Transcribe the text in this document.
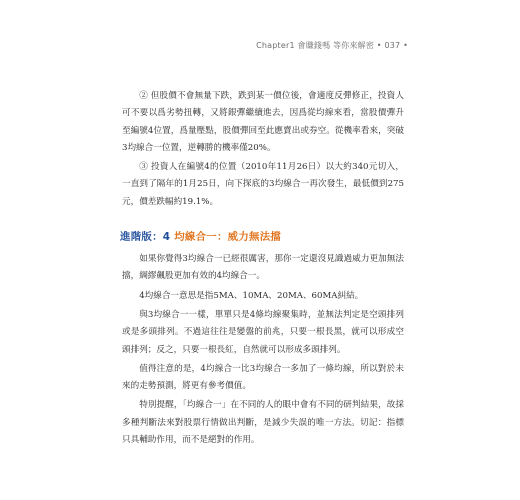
Chapter1 會賺錢嗎 等你來解密 • 037 •

② 但股價不會無量下跌，跌到某一價位後，會適度反彈修正，投資人可不要以爲劣勢扭轉，又將銀彈繼續進去，因爲從均線來看，當股價彈升至編號4位置，爲量壓點，股價彈回至此應賣出或券空。從機率看來，突破3均線合一位置，逆轉勝的機率僅20%。

③ 投資人在編號4的位置（2010年11月26日）以大約340元切入，一直到了隔年的1月25日，向下探底的3均線合一再次發生，最低價到275元，價差跌幅約19.1%。

進階版：4 均線合一：威力無法擋

如果你覺得3均線合一已經很厲害，那你一定還沒見識過威力更加無法擋，綢繆飆股更加有效的4均線合一。

4均線合一意思是指5MA、10MA、20MA、60MA糾結。

與3均線合一一樣，單單只是4條均線聚集時，並無法判定是空頭排列或是多頭排列。不過這往往是變盤的前兆，只要一根長黑，就可以形成空頭排列；反之，只要一根長紅，自然就可以形成多頭排列。

值得注意的是，4均線合一比3均線合一多加了一條均線，所以對於未來的走勢預測，將更有參考價值。

特別提醒，「均線合一」在不同的人的眼中會有不同的研判結果，故採多種判斷法來對股票行情做出判斷，是減少失誤的唯一方法。切記：指標只具輔助作用，而不是絕對的作用。
